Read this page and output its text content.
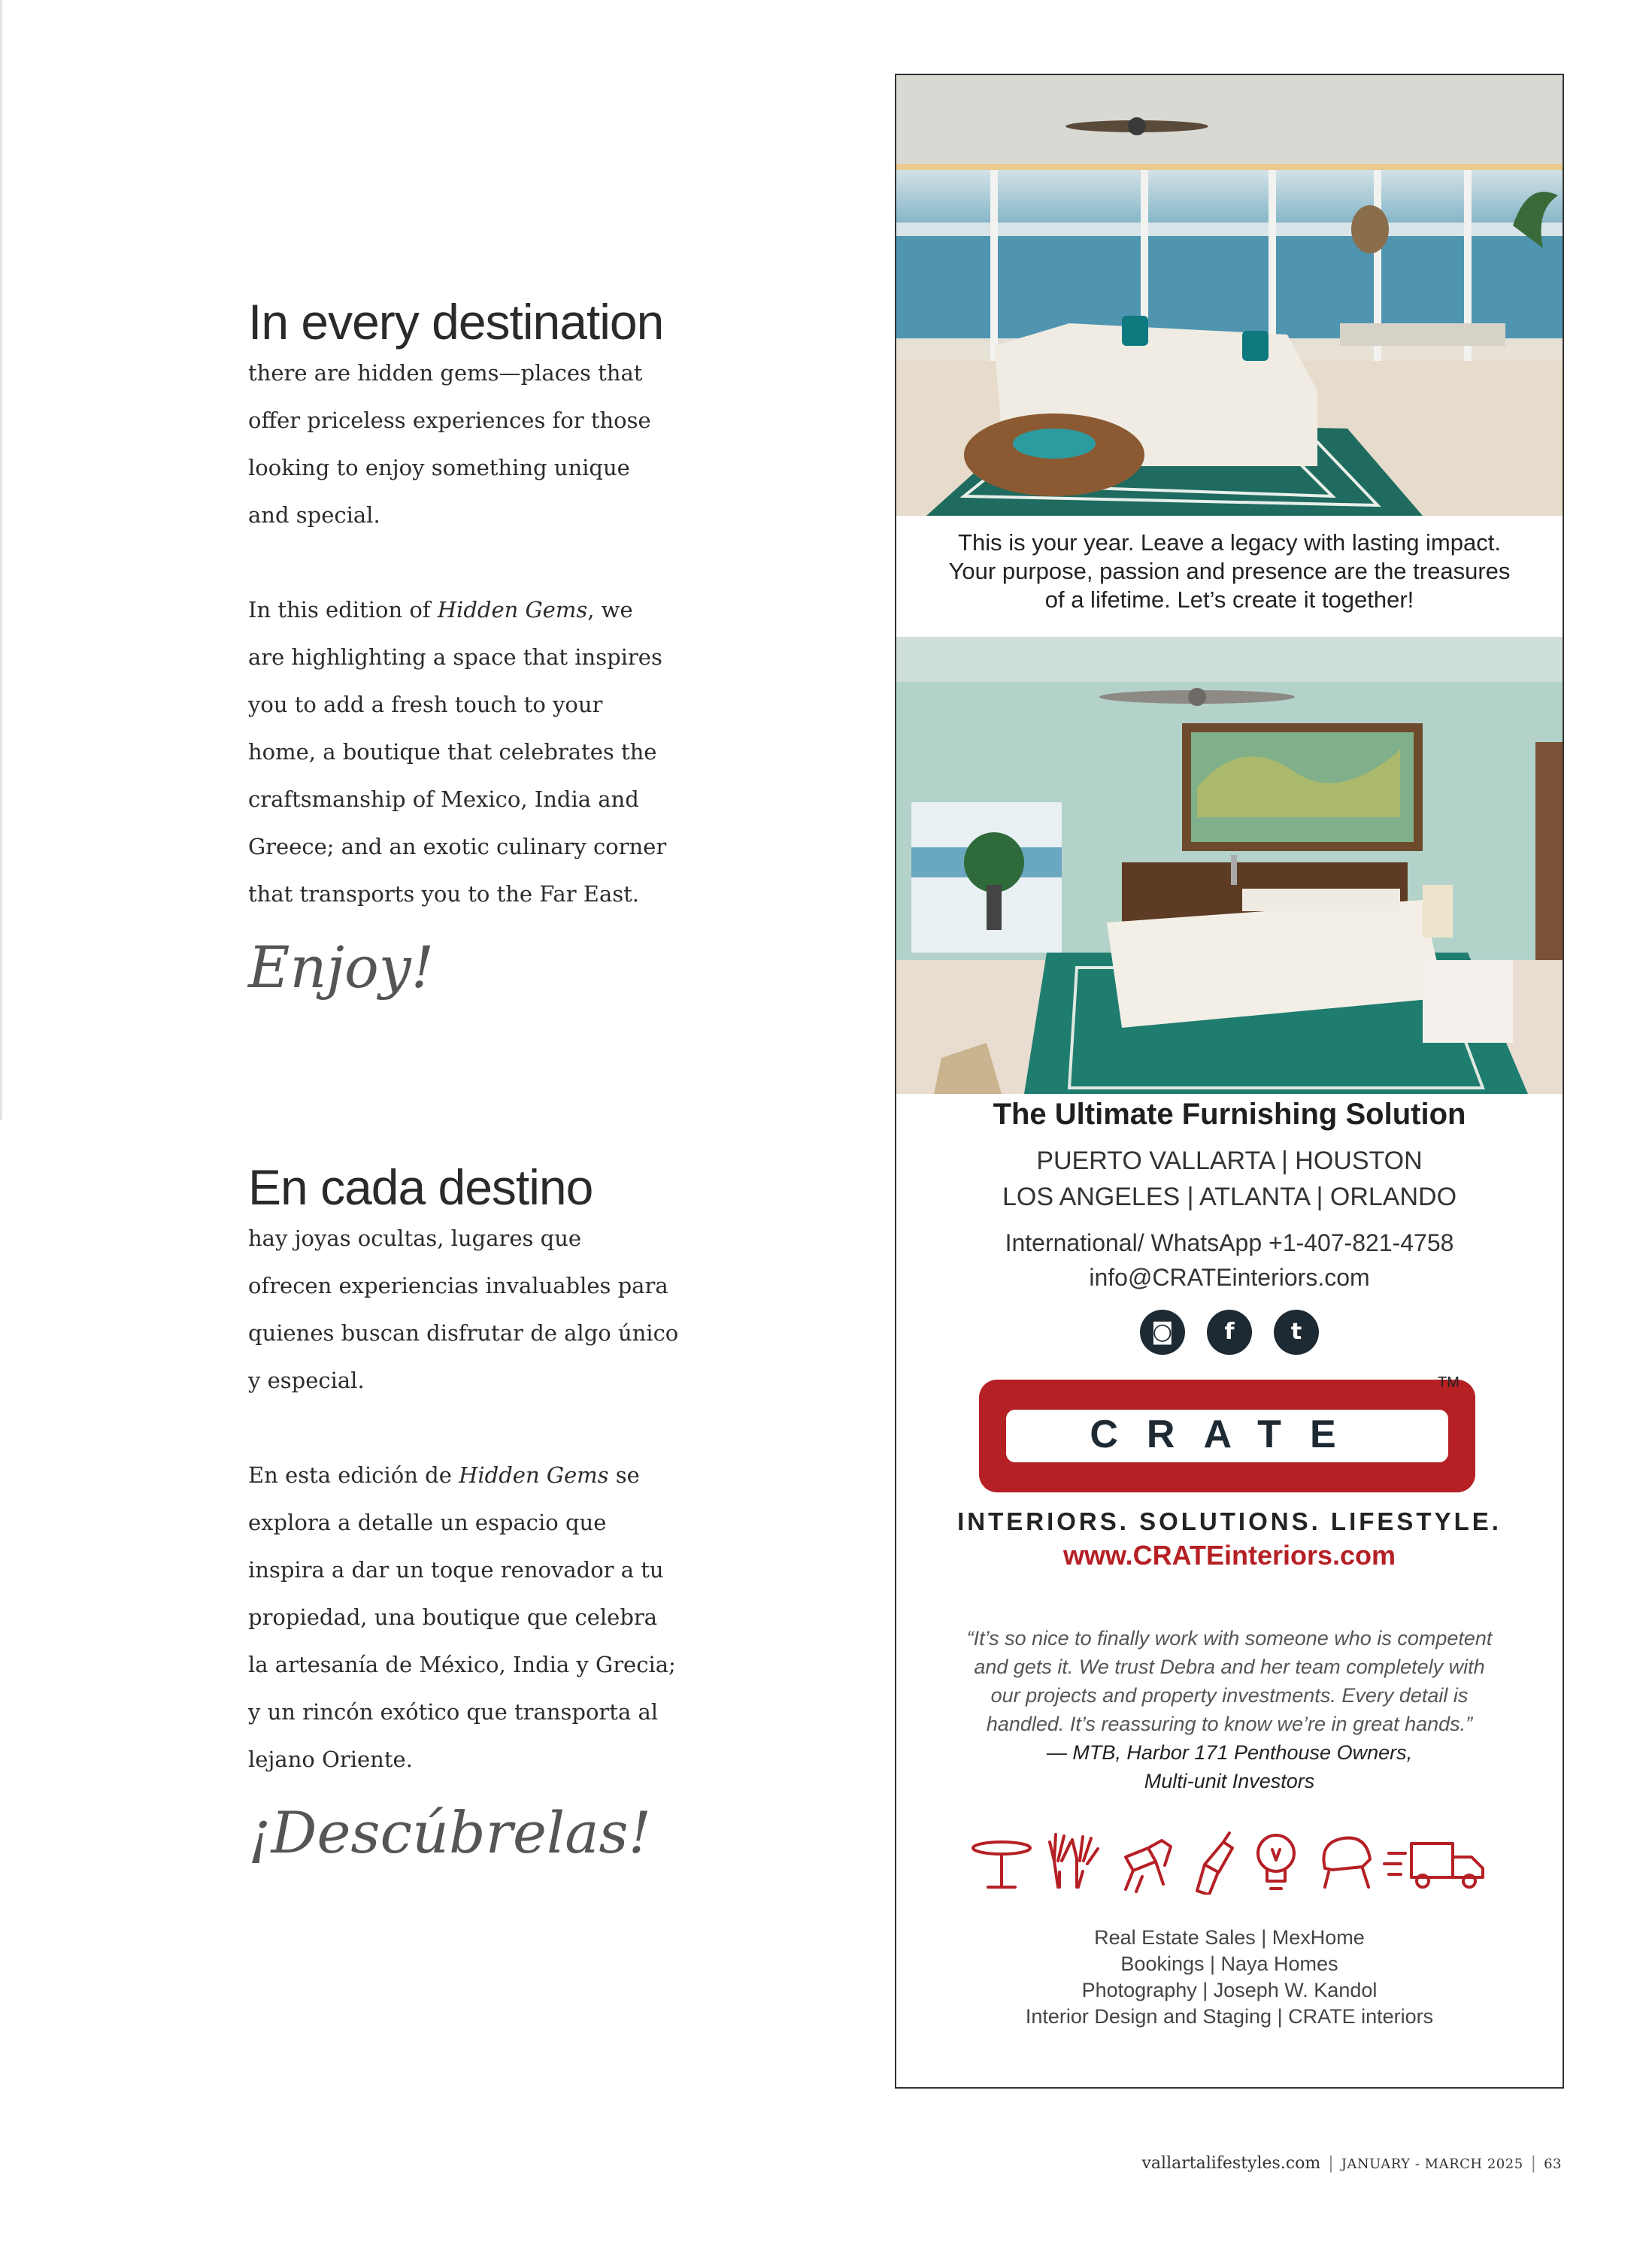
In every destination

there are hidden gems—places that
offer priceless experiences for those
looking to enjoy something unique
and special.

In this edition of Hidden Gems, we
are highlighting a space that inspires
you to add a fresh touch to your
home, a boutique that celebrates the
craftsmanship of Mexico, India and
Greece; and an exotic culinary corner
that transports you to the Far East.

Enjoy!
En cada destino

hay joyas ocultas, lugares que
ofrecen experiencias invaluables para
quienes buscan disfrutar de algo único
y especial.

En esta edición de Hidden Gems se
explora a detalle un espacio que
inspira a dar un toque renovador a tu
propiedad, una boutique que celebra
la artesanía de México, India y Grecia;
y un rincón exótico que transporta al
lejano Oriente.

¡Descúbrelas!
This is your year. Leave a legacy with lasting impact.
Your purpose, passion and presence are the treasures
of a lifetime. Let’s create it together!
The Ultimate Furnishing Solution
PUERTO VALLARTA | HOUSTON
LOS ANGELES | ATLANTA | ORLANDO
International/ WhatsApp +1-407-821-4758
info@CRATEinteriors.com
◙ f	t
CRATE
TM
INTERIORS. SOLUTIONS. LIFESTYLE.
www.CRATEinteriors.com
“It’s so nice to finally work with someone who is competent
and gets it. We trust Debra and her team completely with
our projects and property investments. Every detail is
handled. It’s reassuring to know we’re in great hands.”
— MTB, Harbor 171 Penthouse Owners,
Multi-unit Investors
Real Estate Sales | MexHome
Bookings | Naya Homes
Photography | Joseph W. Kandol
Interior Design and Staging | CRATE interiors
vallartalifestyles.com | JANUARY - MARCH 2025 | 63
